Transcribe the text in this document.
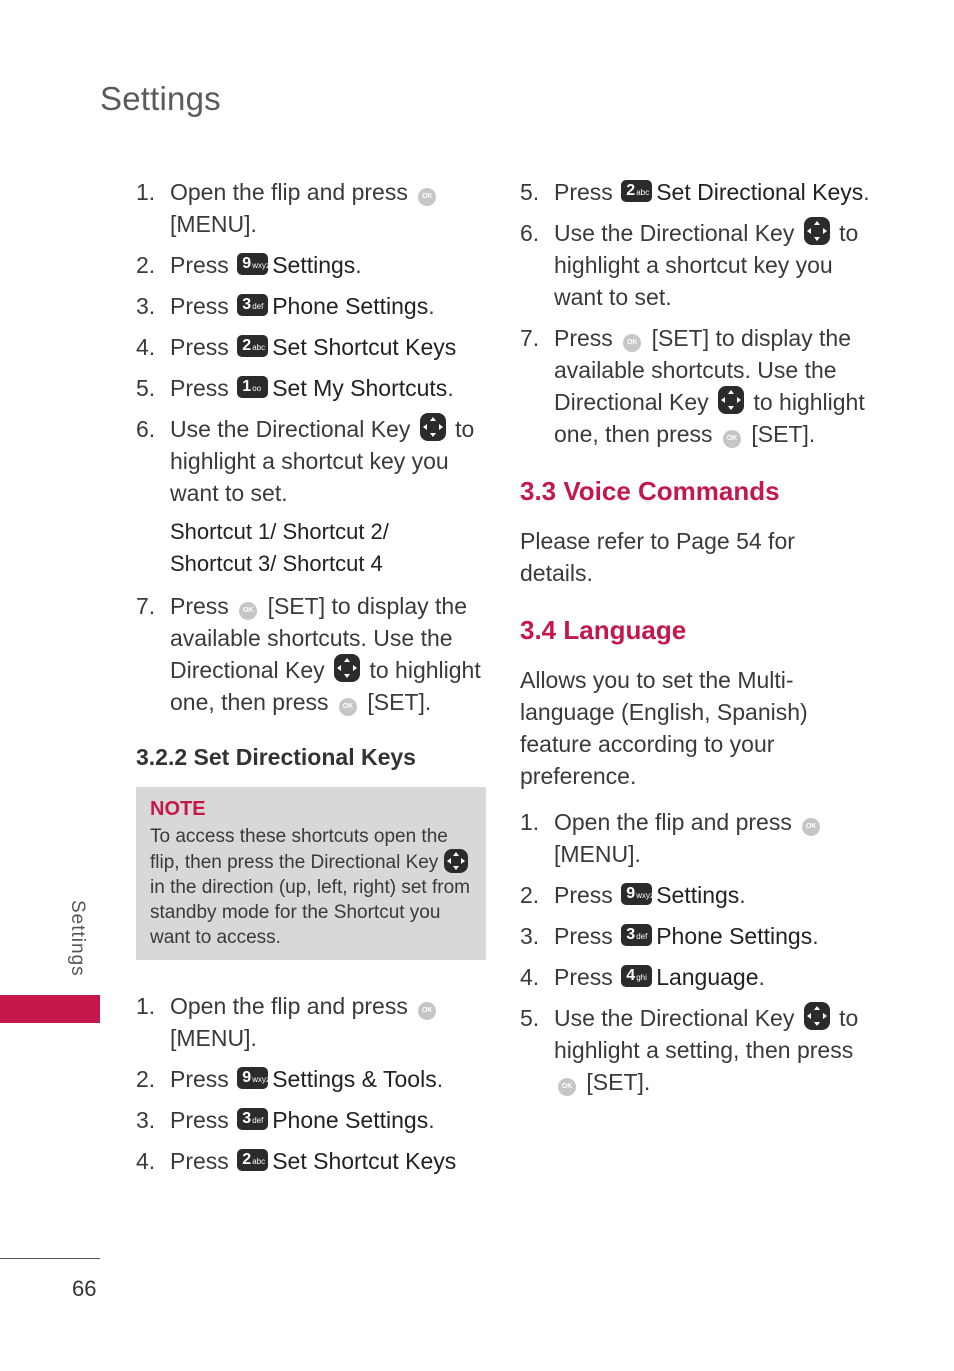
Settings
1. Open the flip and press OK
[MENU].
2. Press 9 wxyz Settings.
3. Press 3 def Phone Settings.
4. Press 2 abc Set Shortcut Keys
5. Press 1 oo Set My Shortcuts.
6. Use the Directional Key to highlight a shortcut key you want to set.
Shortcut 1/ Shortcut 2/
Shortcut 3/ Shortcut 4
7. Press OK [SET] to display the available shortcuts. Use the Directional Key to highlight one, then press OK [SET].
3.2.2 Set Directional Keys
NOTE
To access these shortcuts open the flip, then press the Directional Key
in the direction (up, left, right) set from standby mode for the Shortcut you want to access.
1. Open the flip and press OK
[MENU].
2. Press 9 wxyz Settings & Tools.
3. Press 3 def Phone Settings.
4. Press 2 abc Set Shortcut Keys
5. Press 2 abc Set Directional Keys.
6. Use the Directional Key to highlight a shortcut key you want to set.
7. Press OK [SET] to display the available shortcuts. Use the Directional Key to highlight one, then press OK [SET].
3.3 Voice Commands
Please refer to Page 54 for details.
3.4 Language
Allows you to set the Multi-
language (English, Spanish)
feature according to your preference.
1. Open the flip and press OK
[MENU].
2. Press 9 wxyz Settings.
3. Press 3 def Phone Settings.
4. Press 4 ghi Language.
5. Use the Directional Key to highlight a setting, then press OK [SET].
Settings
66
